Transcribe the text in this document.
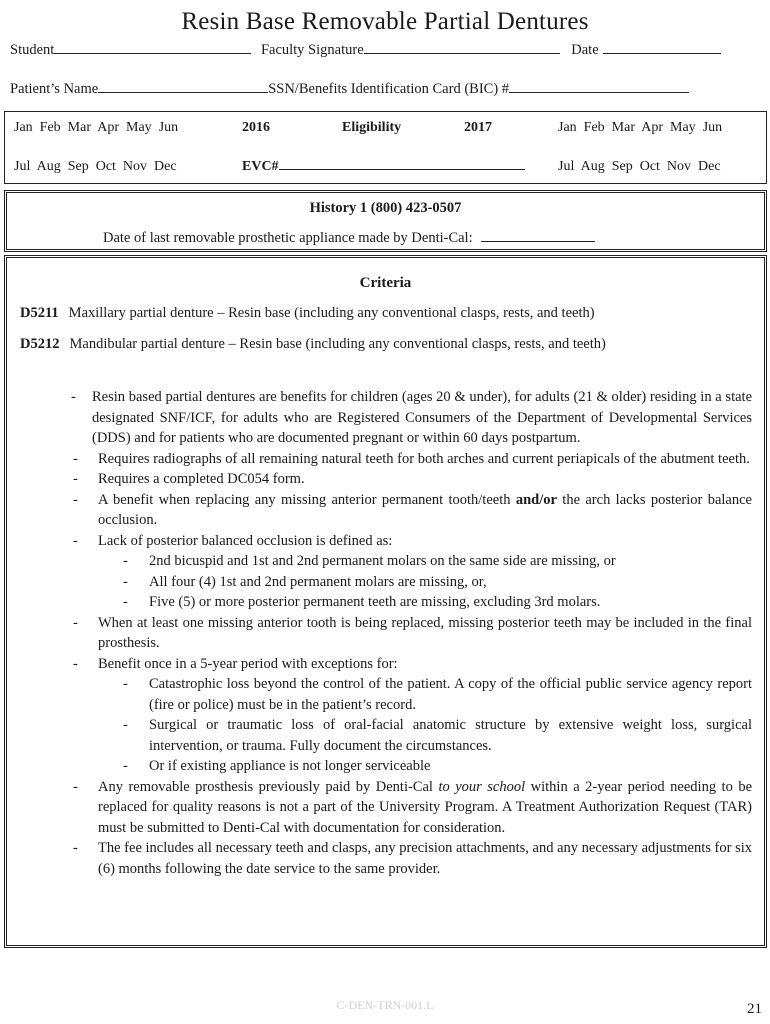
Resin Base Removable Partial Dentures
Student	Faculty Signature	Date
Patient’s Name	SSN/Benefits Identification Card (BIC) #
Jan Feb Mar Apr May Jun	2016	Eligibility	2017	Jan Feb Mar Apr May Jun
Jul Aug Sep Oct Nov Dec	EVC#	Jul Aug Sep Oct Nov Dec
History 1 (800) 423-0507
Date of last removable prosthetic appliance made by Denti-Cal:
Criteria
D5211 Maxillary partial denture – Resin base (including any conventional clasps, rests, and teeth)
D5212 Mandibular partial denture – Resin base (including any conventional clasps, rests, and teeth)
- Resin based partial dentures are benefits for children (ages 20 & under), for adults (21 & older) residing in a state designated SNF/ICF, for adults who are Registered Consumers of the Department of Developmental Services (DDS) and for patients who are documented pregnant or within 60 days postpartum.
- Requires radiographs of all remaining natural teeth for both arches and current periapicals of the abutment teeth.
- Requires a completed DC054 form.
- A benefit when replacing any missing anterior permanent tooth/teeth and/or the arch lacks posterior balance occlusion.
- Lack of posterior balanced occlusion is defined as:
- 2nd bicuspid and 1st and 2nd permanent molars on the same side are missing, or
- All four (4) 1st and 2nd permanent molars are missing, or,
- Five (5) or more posterior permanent teeth are missing, excluding 3rd molars.
- When at least one missing anterior tooth is being replaced, missing posterior teeth may be included in the final prosthesis.
- Benefit once in a 5-year period with exceptions for:
- Catastrophic loss beyond the control of the patient. A copy of the official public service agency report (fire or police) must be in the patient’s record.
- Surgical or traumatic loss of oral-facial anatomic structure by extensive weight loss, surgical intervention, or trauma. Fully document the circumstances.
- Or if existing appliance is not longer serviceable
- Any removable prosthesis previously paid by Denti-Cal to your school within a 2-year period needing to be replaced for quality reasons is not a part of the University Program. A Treatment Authorization Request (TAR) must be submitted to Denti-Cal with documentation for consideration.
- The fee includes all necessary teeth and clasps, any precision attachments, and any necessary adjustments for six (6) months following the date service to the same provider.
C-DEN-TRN-001.L	21
